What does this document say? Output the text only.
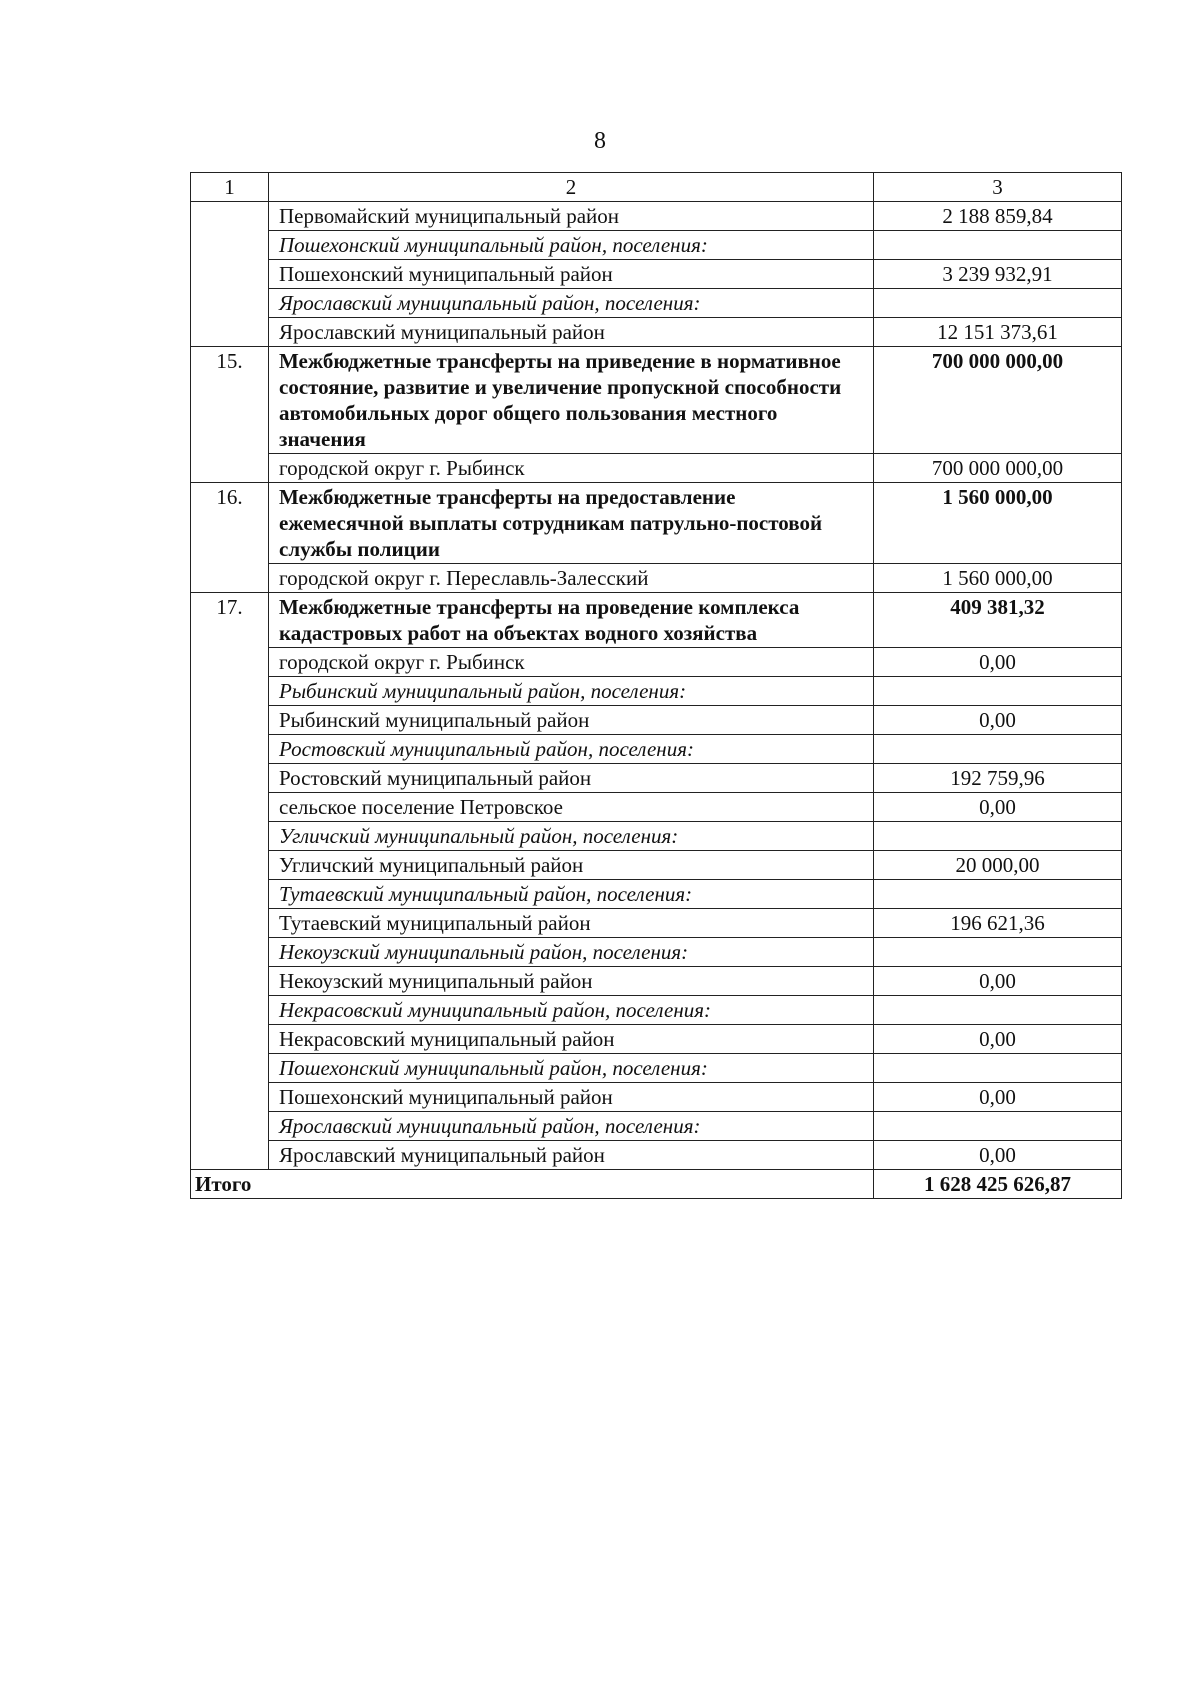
8
1	2	3
	Первомайский муниципальный район	2 188 859,84
	Пошехонский муниципальный район, поселения:	
	Пошехонский муниципальный район	3 239 932,91
	Ярославский муниципальный район, поселения:	
	Ярославский муниципальный район	12 151 373,61
15.	Межбюджетные трансферты на приведение в нормативное состояние, развитие и увеличение пропускной способности автомобильных дорог общего пользования местного значения	700 000 000,00
	городской округ г. Рыбинск	700 000 000,00
16.	Межбюджетные трансферты на предоставление ежемесячной выплаты сотрудникам патрульно-постовой службы полиции	1 560 000,00
	городской округ г. Переславль-Залесский	1 560 000,00
17.	Межбюджетные трансферты на проведение комплекса кадастровых работ на объектах водного хозяйства	409 381,32
	городской округ г. Рыбинск	0,00
	Рыбинский муниципальный район, поселения:	
	Рыбинский муниципальный район	0,00
	Ростовский муниципальный район, поселения:	
	Ростовский муниципальный район	192 759,96
	сельское поселение Петровское	0,00
	Угличский муниципальный район, поселения:	
	Угличский муниципальный район	20 000,00
	Тутаевский муниципальный район, поселения:	
	Тутаевский муниципальный район	196 621,36
	Некоузский муниципальный район, поселения:	
	Некоузский муниципальный район	0,00
	Некрасовский муниципальный район, поселения:	
	Некрасовский муниципальный район	0,00
	Пошехонский муниципальный район, поселения:	
	Пошехонский муниципальный район	0,00
	Ярославский муниципальный район, поселения:	
	Ярославский муниципальный район	0,00
Итого		1 628 425 626,87
